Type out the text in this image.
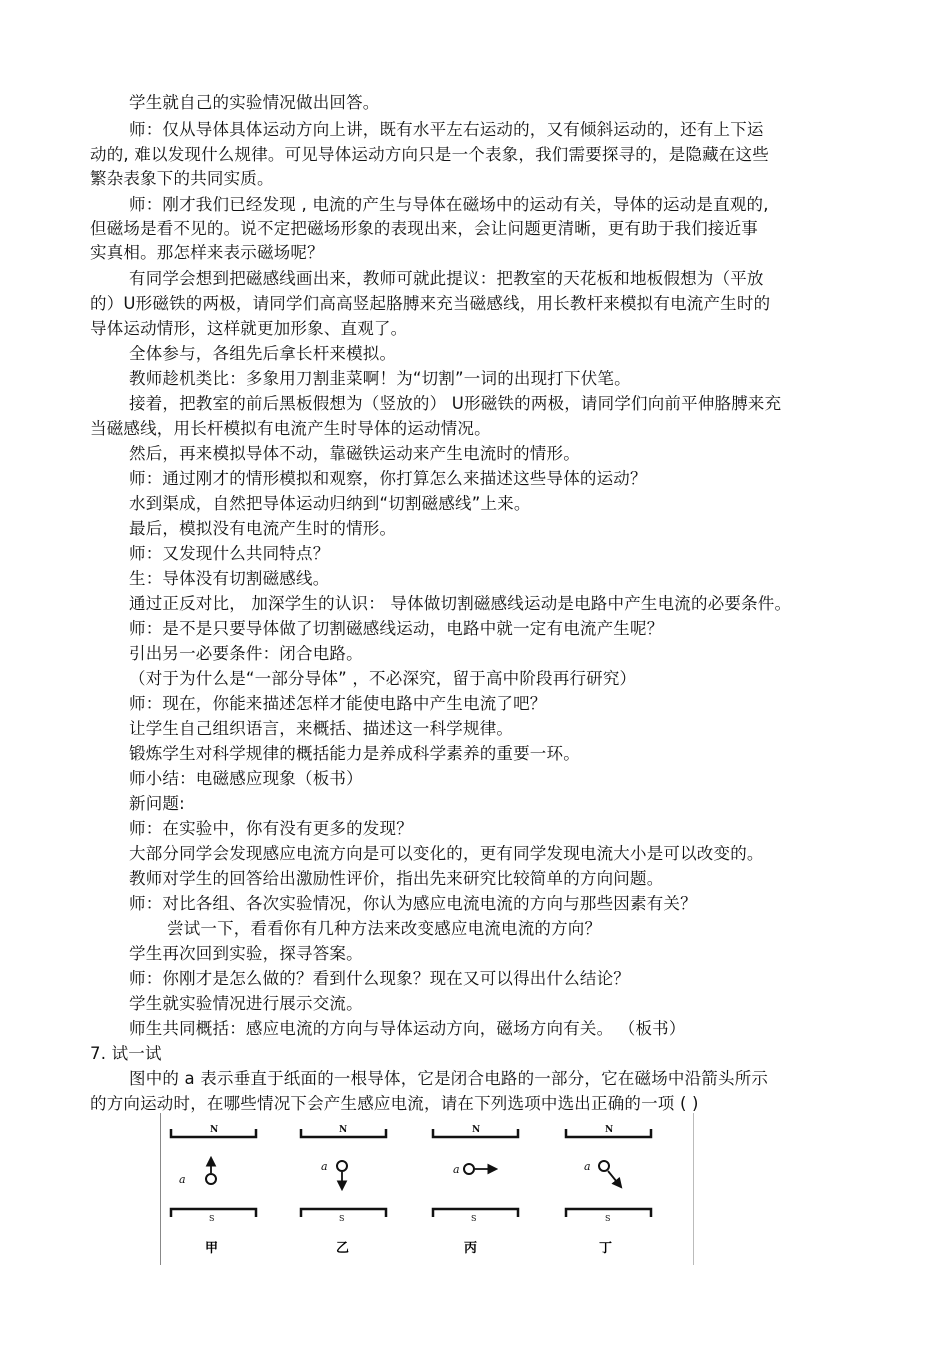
学生就自己的实验情况做出回答。
师：仅从导体具体运动方向上讲，既有水平左右运动的，又有倾斜运动的，还有上下运
动的, 难以发现什么规律。可见导体运动方向只是一个表象，我们需要探寻的，是隐藏在这些
繁杂表象下的共同实质。
师：刚才我们已经发现 , 电流的产生与导体在磁场中的运动有关，导体的运动是直观的,
但磁场是看不见的。说不定把磁场形象的表现出来，会让问题更清晰，更有助于我们接近事
实真相。那怎样来表示磁场呢？
有同学会想到把磁感线画出来，教师可就此提议：把教室的天花板和地板假想为（平放
的）U形磁铁的两极，请同学们高高竖起胳膊来充当磁感线，用长教杆来模拟有电流产生时的
导体运动情形，这样就更加形象、直观了。
全体参与，各组先后拿长杆来模拟。
教师趁机类比：多象用刀割韭菜啊！为“切割”一词的出现打下伏笔。
接着，把教室的前后黑板假想为（竖放的） U形磁铁的两极，请同学们向前平伸胳膊来充
当磁感线，用长杆模拟有电流产生时导体的运动情况。
然后，再来模拟导体不动，靠磁铁运动来产生电流时的情形。
师：通过刚才的情形模拟和观察，你打算怎么来描述这些导体的运动？
水到渠成，自然把导体运动归纳到“切割磁感线”上来。
最后，模拟没有电流产生时的情形。
师：又发现什么共同特点？
生：导体没有切割磁感线。
通过正反对比， 加深学生的认识： 导体做切割磁感线运动是电路中产生电流的必要条件。
师：是不是只要导体做了切割磁感线运动，电路中就一定有电流产生呢？
引出另一必要条件：闭合电路。
（对于为什么是“一部分导体” ，不必深究，留于高中阶段再行研究）
师：现在，你能来描述怎样才能使电路中产生电流了吧？
让学生自己组织语言，来概括、描述这一科学规律。
锻炼学生对科学规律的概括能力是养成科学素养的重要一环。
师小结：电磁感应现象（板书）
新问题:
师：在实验中，你有没有更多的发现？
大部分同学会发现感应电流方向是可以变化的，更有同学发现电流大小是可以改变的。
教师对学生的回答给出激励性评价，指出先来研究比较简单的方向问题。
师：对比各组、各次实验情况，你认为感应电流电流的方向与那些因素有关？
尝试一下，看看你有几种方法来改变感应电流电流的方向？
学生再次回到实验，探寻答案。
师：你刚才是怎么做的？看到什么现象？现在又可以得出什么结论？
学生就实验情况进行展示交流。
师生共同概括：感应电流的方向与导体运动方向，磁场方向有关。 （板书）
7. 试一试
图中的 a 表示垂直于纸面的一根导体，它是闭合电路的一部分，它在磁场中沿箭头所示
的方向运动时，在哪些情况下会产生感应电流，请在下列选项中选出正确的一项 ( )
N
a
S
甲
N
a
S
乙
N
a
S
丙
N
a
S
丁
